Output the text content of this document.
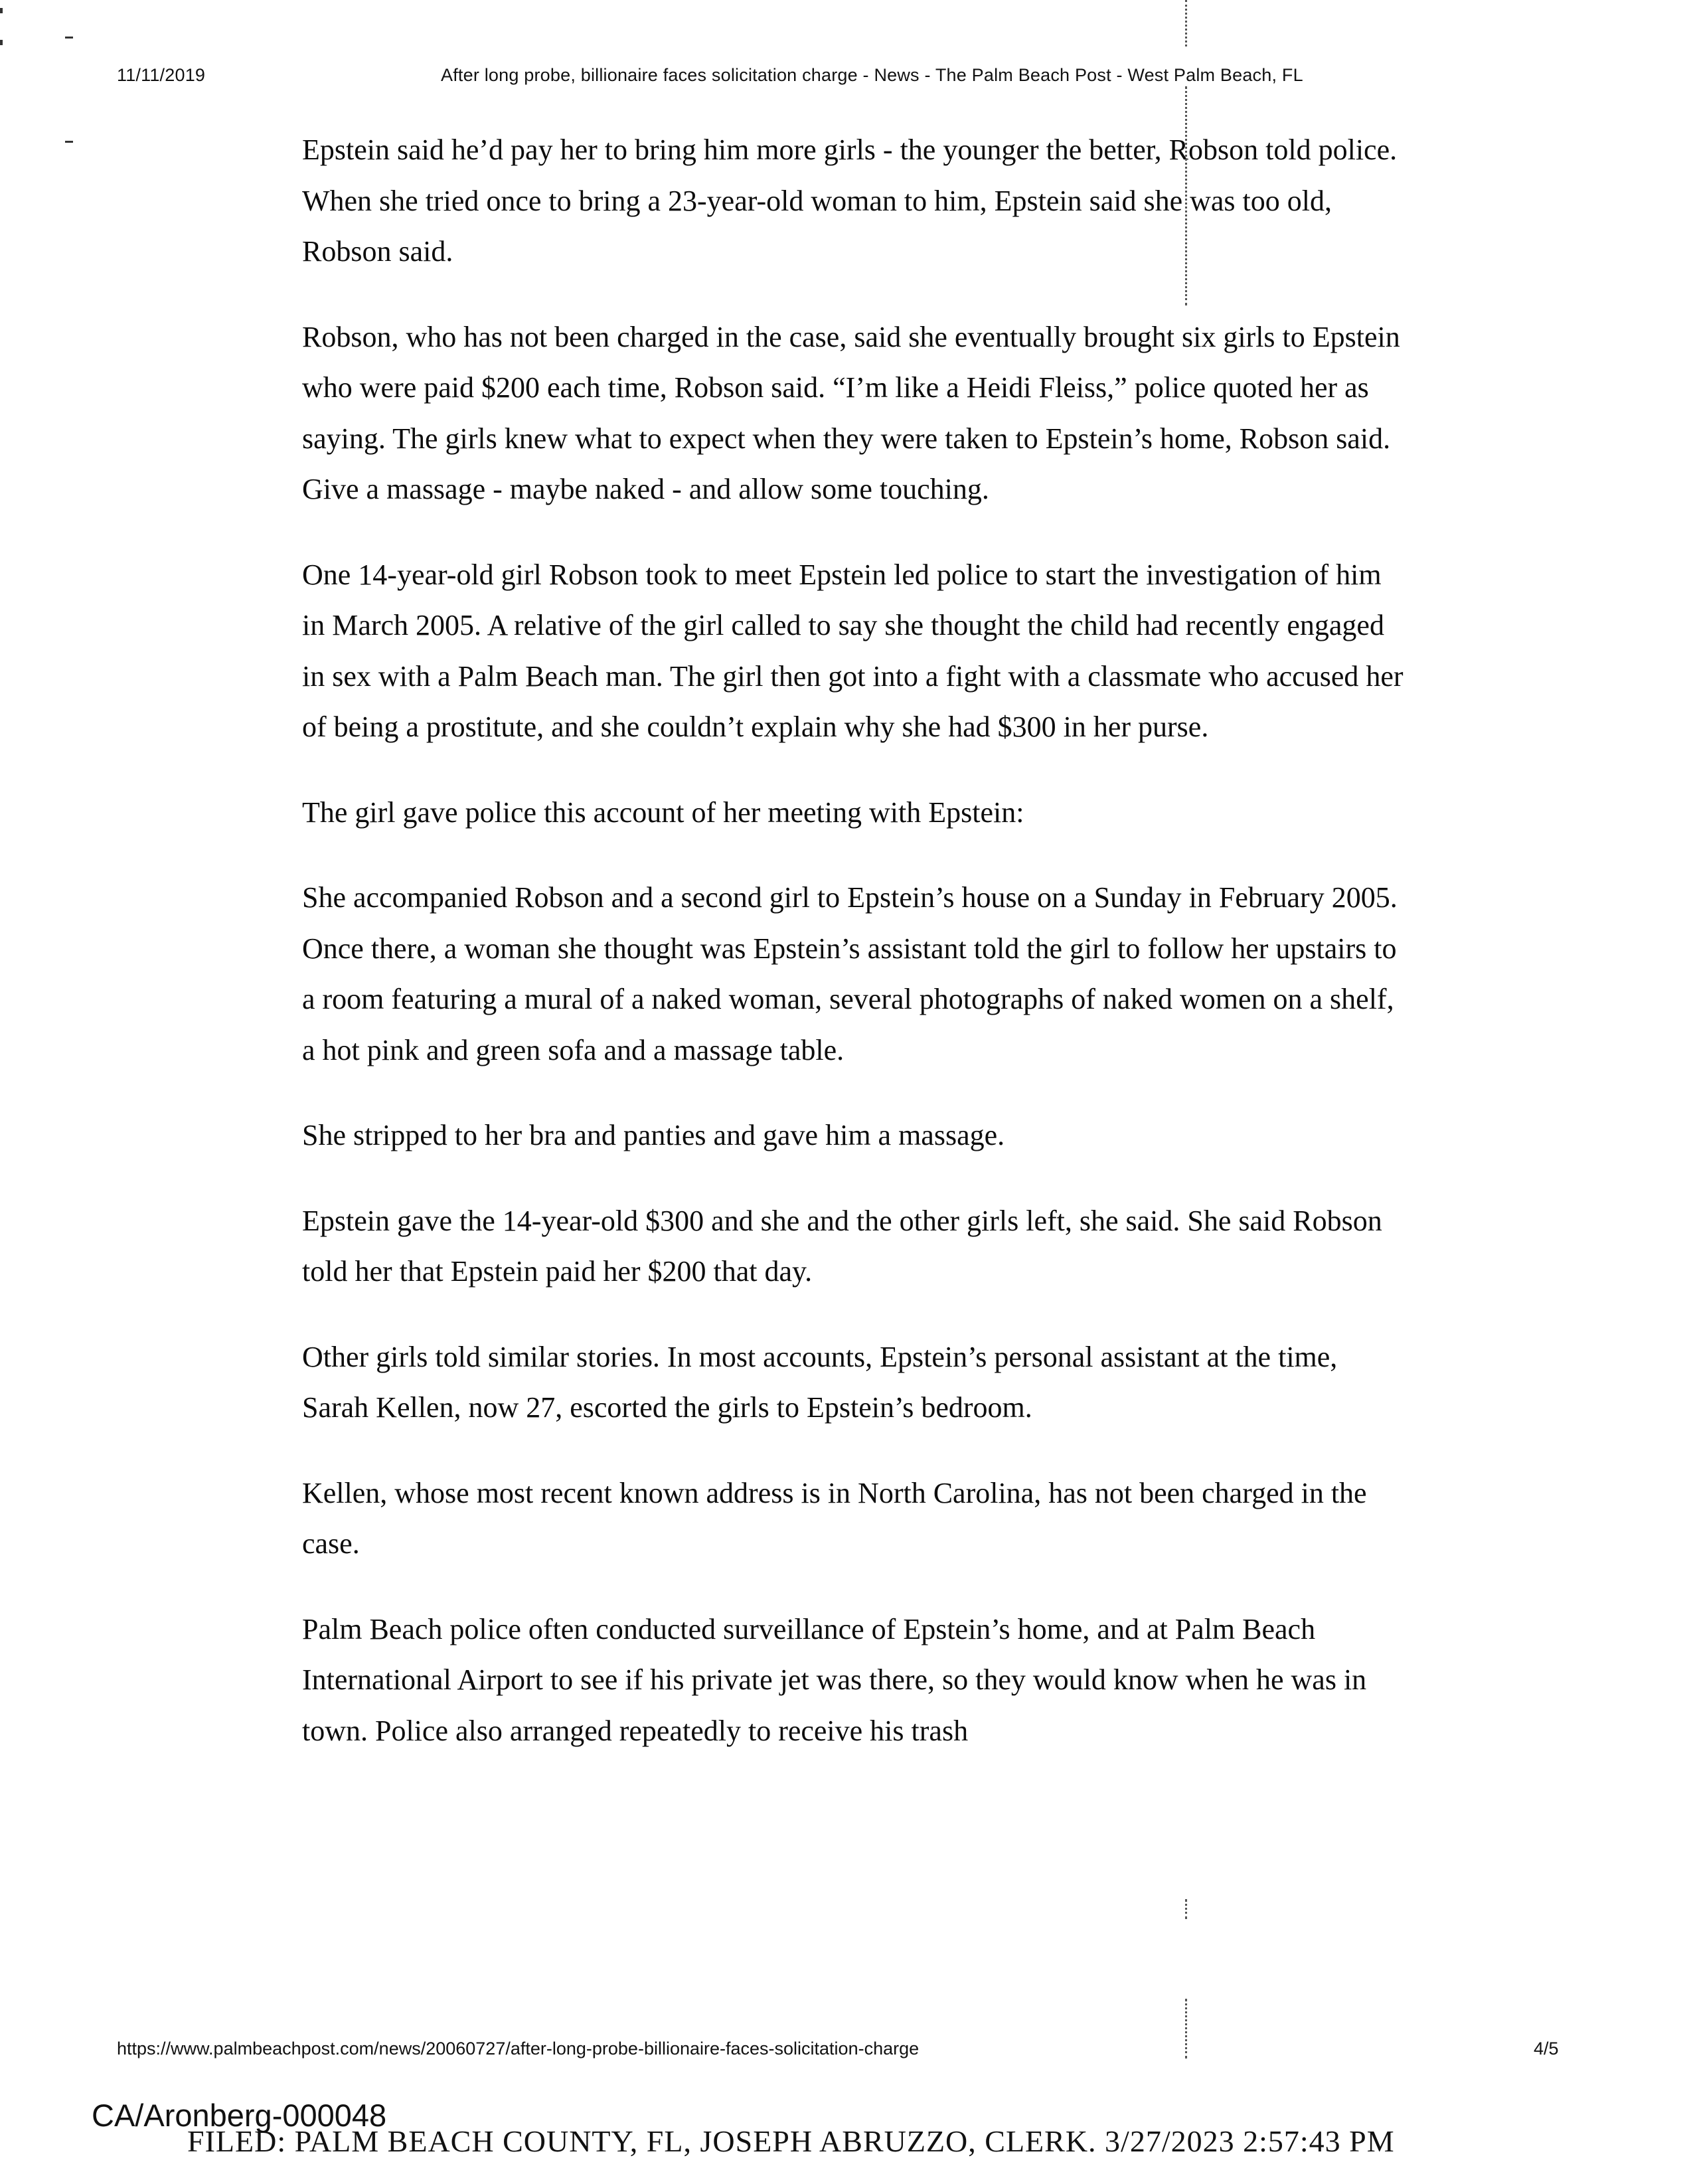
11/11/2019	After long probe, billionaire faces solicitation charge - News - The Palm Beach Post - West Palm Beach, FL

Epstein said he’d pay her to bring him more girls - the younger the better, Robson told police. When she tried once to bring a 23-year-old woman to him, Epstein said she was too old, Robson said.

Robson, who has not been charged in the case, said she eventually brought six girls to Epstein who were paid $200 each time, Robson said. “I’m like a Heidi Fleiss,” police quoted her as saying. The girls knew what to expect when they were taken to Epstein’s home, Robson said. Give a massage - maybe naked - and allow some touching.

One 14-year-old girl Robson took to meet Epstein led police to start the investigation of him in March 2005. A relative of the girl called to say she thought the child had recently engaged in sex with a Palm Beach man. The girl then got into a fight with a classmate who accused her of being a prostitute, and she couldn’t explain why she had $300 in her purse.

The girl gave police this account of her meeting with Epstein:

She accompanied Robson and a second girl to Epstein’s house on a Sunday in February 2005. Once there, a woman she thought was Epstein’s assistant told the girl to follow her upstairs to a room featuring a mural of a naked woman, several photographs of naked women on a shelf, a hot pink and green sofa and a massage table.

She stripped to her bra and panties and gave him a massage.

Epstein gave the 14-year-old $300 and she and the other girls left, she said. She said Robson told her that Epstein paid her $200 that day.

Other girls told similar stories. In most accounts, Epstein’s personal assistant at the time, Sarah Kellen, now 27, escorted the girls to Epstein’s bedroom.

Kellen, whose most recent known address is in North Carolina, has not been charged in the case.

Palm Beach police often conducted surveillance of Epstein’s home, and at Palm Beach International Airport to see if his private jet was there, so they would know when he was in town. Police also arranged repeatedly to receive his trash

https://www.palmbeachpost.com/news/20060727/after-long-probe-billionaire-faces-solicitation-charge	4/5
CA/Aronberg-000048
FILED: PALM BEACH COUNTY, FL, JOSEPH ABRUZZO, CLERK. 3/27/2023 2:57:43 PM
